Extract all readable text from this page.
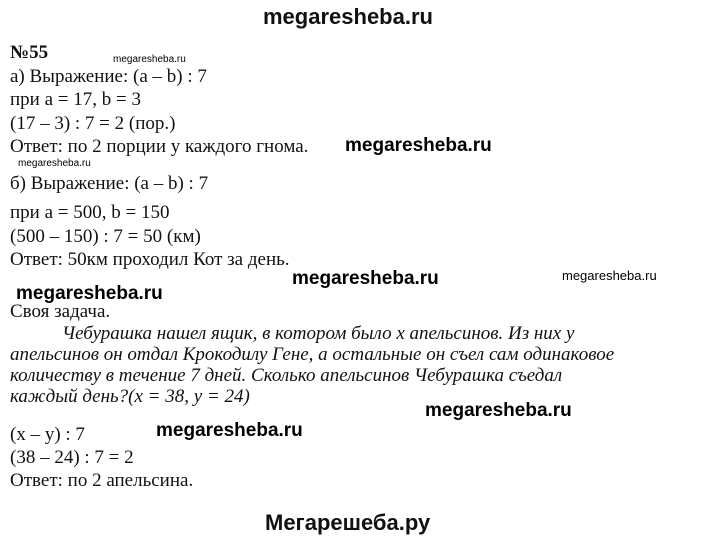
megaresheba.ru
№55	megaresheba.ru
а) Выражение: (a – b) : 7
при a = 17, b = 3
(17 – 3) : 7 = 2 (пор.)
Ответ: по 2 порции у каждого гнома. megaresheba.ru
megaresheba.ru
б) Выражение: (a – b) : 7
при a = 500, b = 150
(500 – 150) : 7 = 50 (км)
Ответ: 50км проходил Кот за день.
megaresheba.ru	megaresheba.ru
megaresheba.ru
Своя задача.
Чебурашка нашел ящик, в котором было x апельсинов. Из них у
апельсинов он отдал Крокодилу Гене, а остальные он съел сам одинаковое
количеству в течение 7 дней. Сколько апельсинов Чебурашка съедал
каждый день?(x = 38, y = 24)
megaresheba.ru
megaresheba.ru
(x – y) : 7
(38 – 24) : 7 = 2
Ответ: по 2 апельсина.
Мегарешеба.ру
